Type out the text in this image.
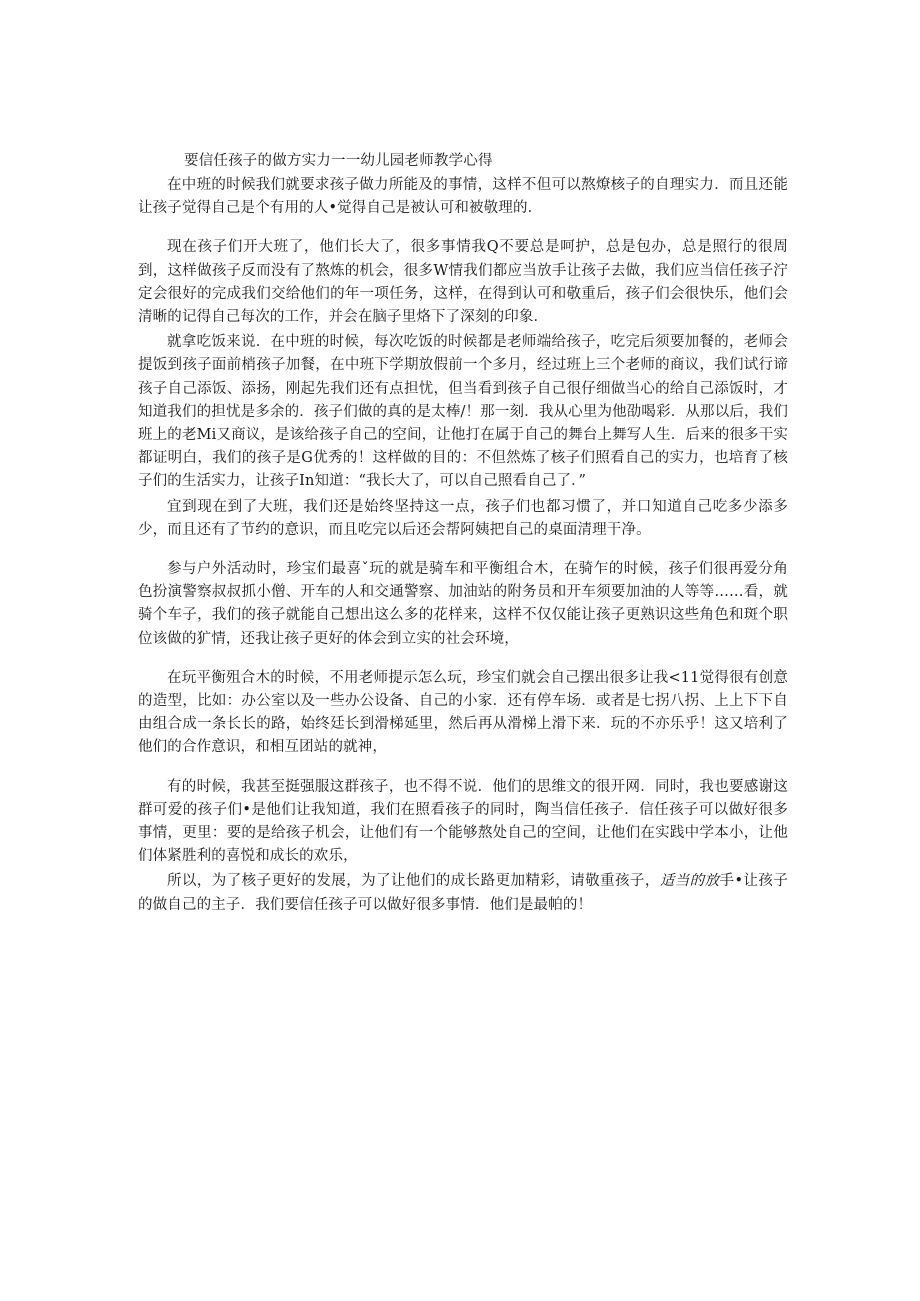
要信任孩子的做方实力一一幼儿园老师教学心得

在中班的时候我们就要求孩子做力所能及的事情，这样不但可以熬燎核子的自理实力．而且还能让孩子觉得自己是个有用的人•觉得自己是被认可和被敬理的．

现在孩子们开大班了，他们长大了，很多事情我Q不要总是呵护，总是包办，总是照行的很周到，这样做孩子反而没有了熬炼的机会，很多W情我们都应当放手让孩子去做，我们应当信任孩子泞定会很好的完成我们交给他们的年一项任务，这样，在得到认可和敬重后，孩子们会很快乐，他们会清晰的记得自己每次的工作，并会在脑子里烙下了深刻的印象．

就拿吃饭来说．在中班的时候，每次吃饭的时候都是老师端给孩子，吃完后须要加餐的，老师会提饭到孩子面前梢孩子加餐，在中班下学期放假前一个多月，经过班上三个老师的商议，我们试行谛孩子自己添饭、添扬，刚起先我们还有点担忧，但当看到孩子自己很仔细做当心的给自己添饭时，才知道我们的担忧是多余的．孩子们做的真的是太棒/！那一刻．我从心里为他劭喝彩．从那以后，我们班上的老Mi又商议，是该给孩子自己的空间，让他打在属于自己的舞台上舞写人生．后来的很多干实都证明白，我们的孩子是G优秀的！这样做的目的：不但然炼了核子们照看自己的实力，也培育了核子们的生活实力，让孩子In知道：“我长大了，可以自己照看自己了．”

宜到现在到了大班，我们还是始终坚持这一点，孩子们也都习惯了，并口知道自己吃多少添多少，而且还有了节约的意识，而且吃完以后还会帮阿姨把自己的桌面清理干净。

参与户外活动时，珍宝们最喜ˇ玩的就是骑车和平衡组合木，在骑乍的时候，孩子们很再爱分角色扮演警察叔叔抓小僧、开车的人和交通警察、加油站的附务员和开车须要加油的人等等……看，就骑个车子，我们的孩子就能自己想出这么多的花样来，这样不仅仅能让孩子更熟识这些角色和斑个职位该做的犷情，还我让孩子更好的体会到立实的社会环境，

在玩平衡殂合木的时候，不用老师提示怎么玩，珍宝们就会自己摆出很多让我<11觉得很有创意的造型，比如：办公室以及一些办公设备、自己的小家．还有停车场．或者是七拐八拐、上上下下自由组合成一条长长的路，始终廷长到滑梯延里，然后再从滑梯上滑下来．玩的不亦乐乎！这又培利了他们的合作意识，和相互团站的就神，

有的时候，我甚至挺强服这群孩子，也不得不说．他们的思维文的很开网．同时，我也要感谢这群可爱的孩子们•是他们让我知道，我们在照看孩子的同时，陶当信任孩子．信任孩子可以做好很多事情，更里：要的是给孩子机会，让他们有一个能够熬处自己的空间，让他们在实践中学本小，让他们体紧胜利的喜悦和成长的欢乐，

所以，为了核子更好的发展，为了让他们的成长路更加精彩，请敬重孩子，适当的放手•让孩子的做自己的主子．我们要信任孩子可以做好很多事情．他们是最帕的！
